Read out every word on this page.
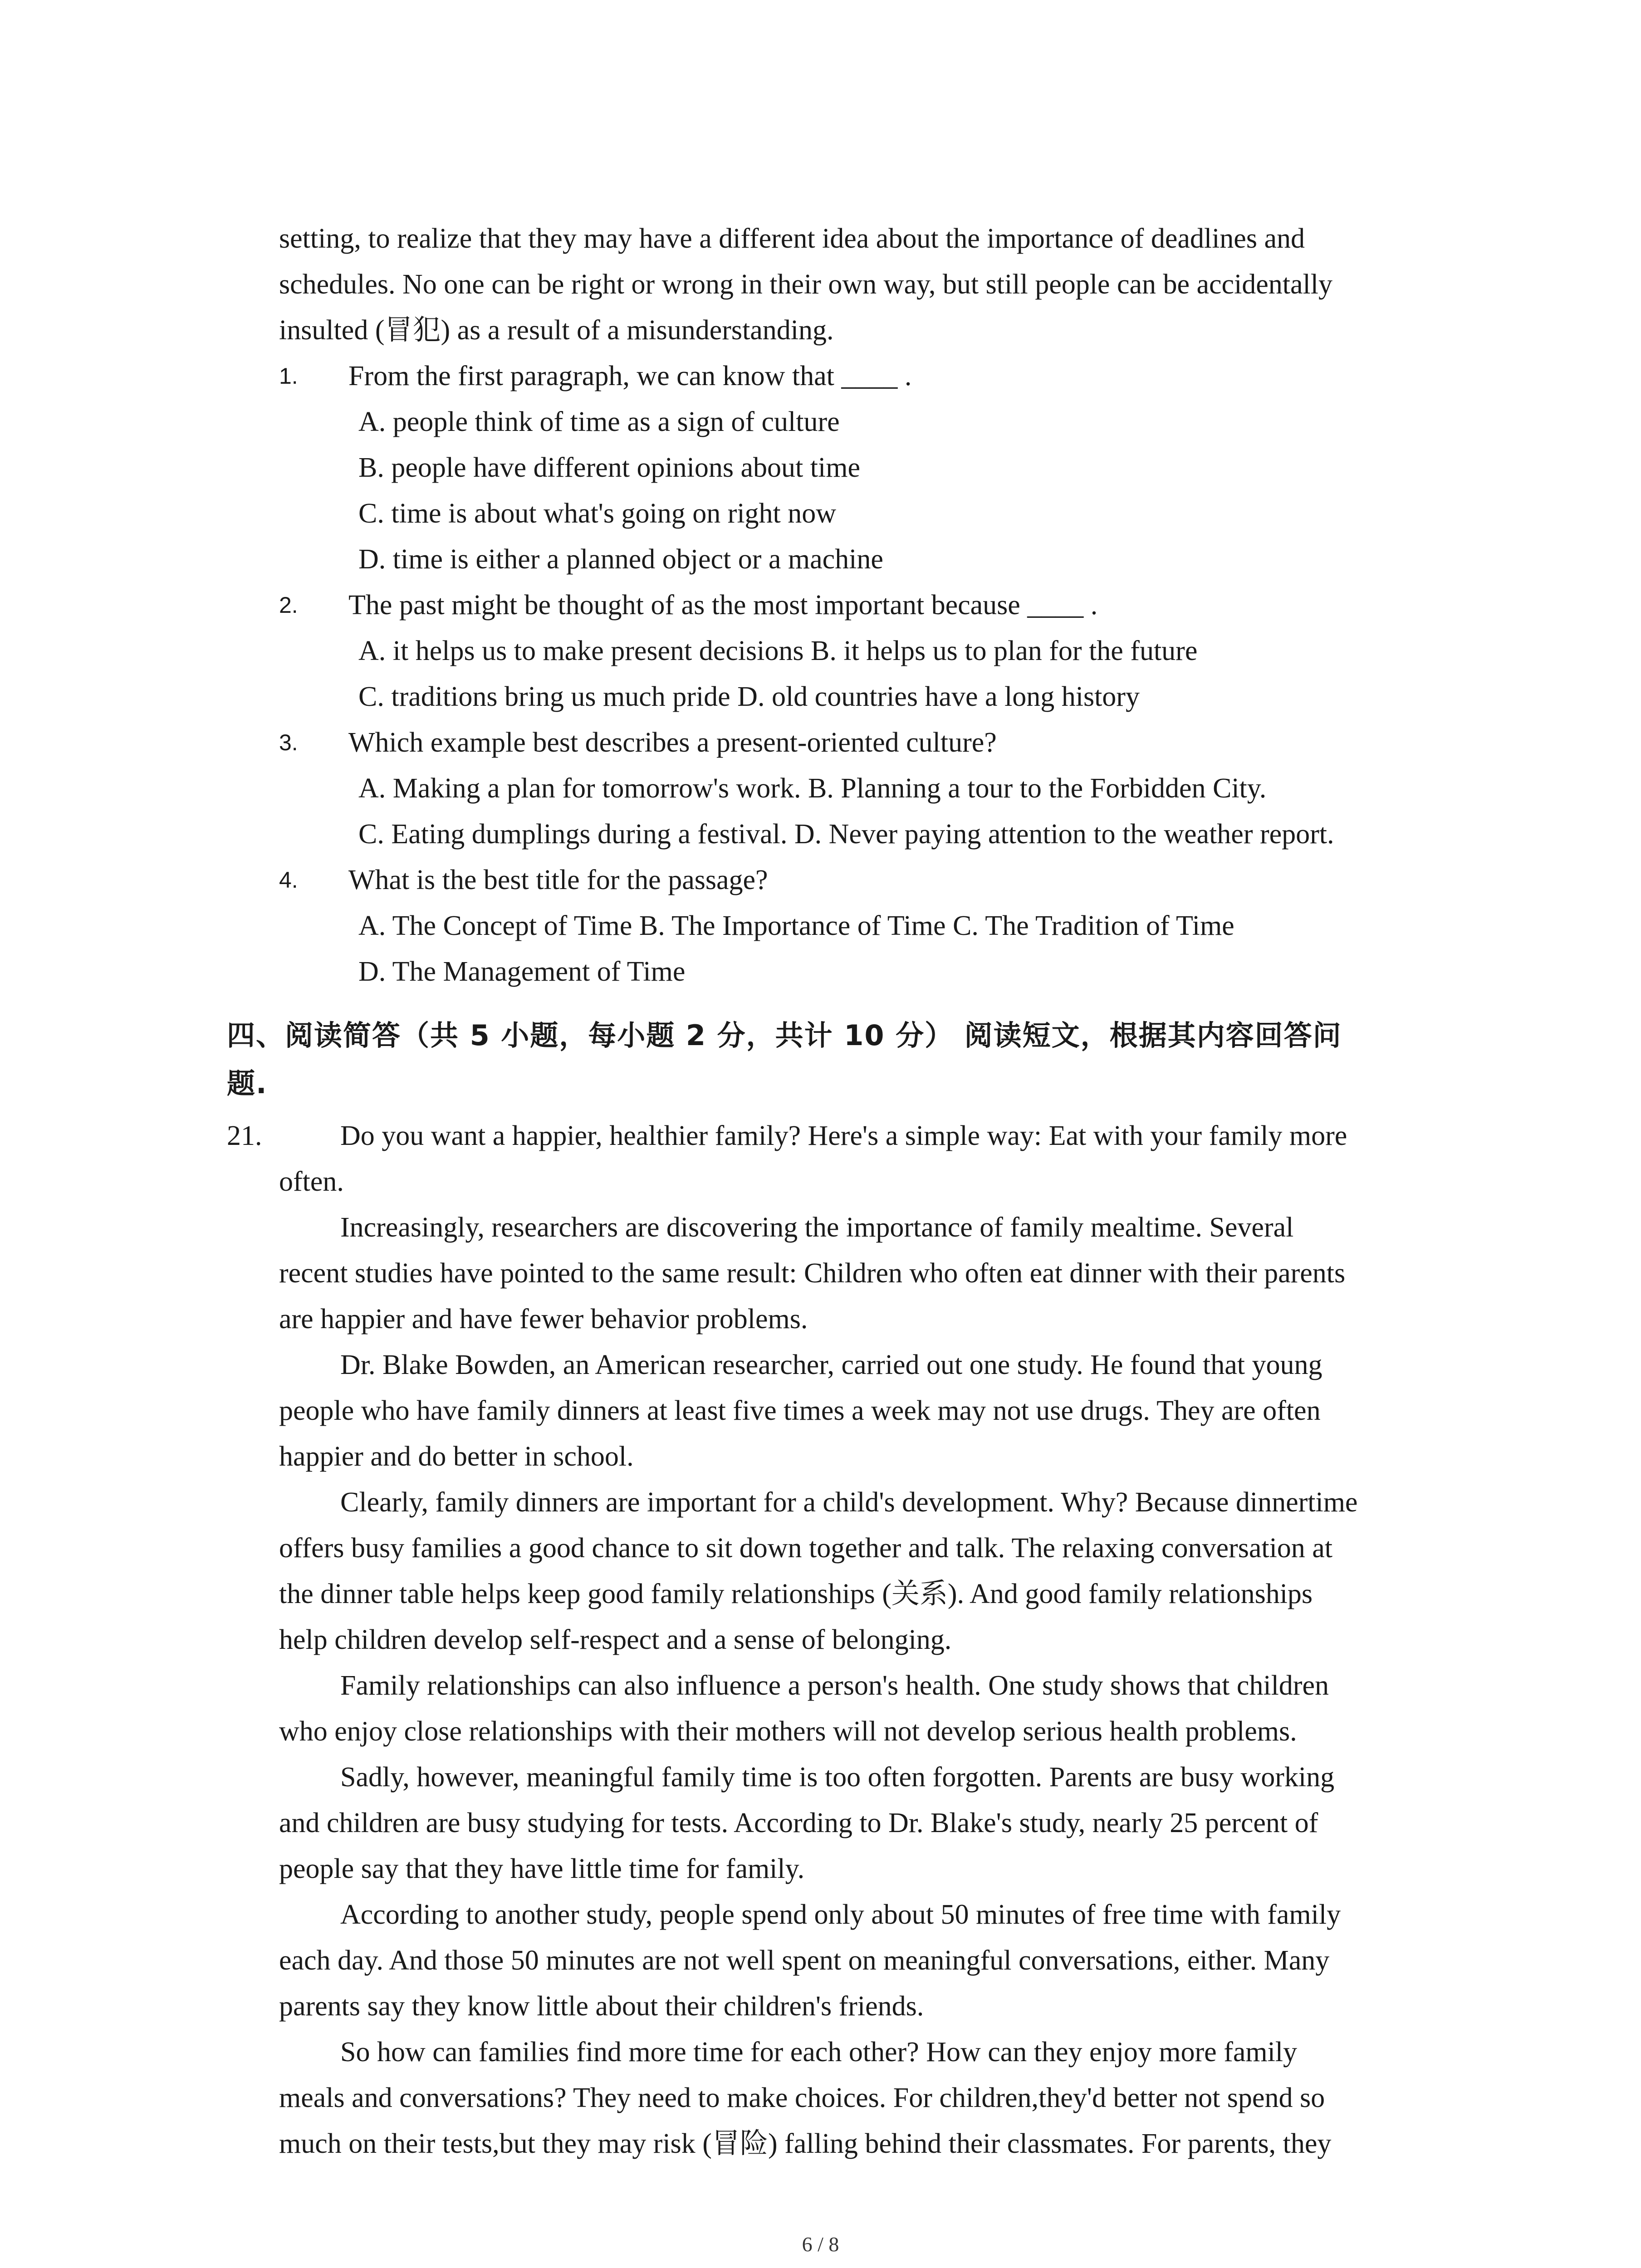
setting, to realize that they may have a different idea about the importance of deadlines and
schedules. No one can be right or wrong in their own way, but still people can be accidentally
insulted (冒犯) as a result of a misunderstanding.
1. From the first paragraph, we can know that ____ .
A. people think of time as a sign of culture
B. people have different opinions about time
C. time is about what's going on right now
D. time is either a planned object or a machine
2. The past might be thought of as the most important because ____ .
A. it helps us to make present decisions B. it helps us to plan for the future
C. traditions bring us much pride D. old countries have a long history
3. Which example best describes a present-oriented culture?
A. Making a plan for tomorrow's work. B. Planning a tour to the Forbidden City.
C. Eating dumplings during a festival. D. Never paying attention to the weather report.
4. What is the best title for the passage?
A. The Concept of Time B. The Importance of Time C. The Tradition of Time
D. The Management of Time
四、阅读简答（共 5 小题，每小题 2 分，共计 10 分） 阅读短文，根据其内容回答问
题.
21.	Do you want a happier, healthier family? Here's a simple way: Eat with your family more
often.
Increasingly, researchers are discovering the importance of family mealtime. Several
recent studies have pointed to the same result: Children who often eat dinner with their parents
are happier and have fewer behavior problems.
Dr. Blake Bowden, an American researcher, carried out one study. He found that young
people who have family dinners at least five times a week may not use drugs. They are often
happier and do better in school.
Clearly, family dinners are important for a child's development. Why? Because dinnertime
offers busy families a good chance to sit down together and talk. The relaxing conversation at
the dinner table helps keep good family relationships (关系). And good family relationships
help children develop self-respect and a sense of belonging.
Family relationships can also influence a person's health. One study shows that children
who enjoy close relationships with their mothers will not develop serious health problems.
Sadly, however, meaningful family time is too often forgotten. Parents are busy working
and children are busy studying for tests. According to Dr. Blake's study, nearly 25 percent of
people say that they have little time for family.
According to another study, people spend only about 50 minutes of free time with family
each day. And those 50 minutes are not well spent on meaningful conversations, either. Many
parents say they know little about their children's friends.
So how can families find more time for each other? How can they enjoy more family
meals and conversations? They need to make choices. For children,they'd better not spend so
much on their tests,but they may risk (冒险) falling behind their classmates. For parents, they
6 / 8
